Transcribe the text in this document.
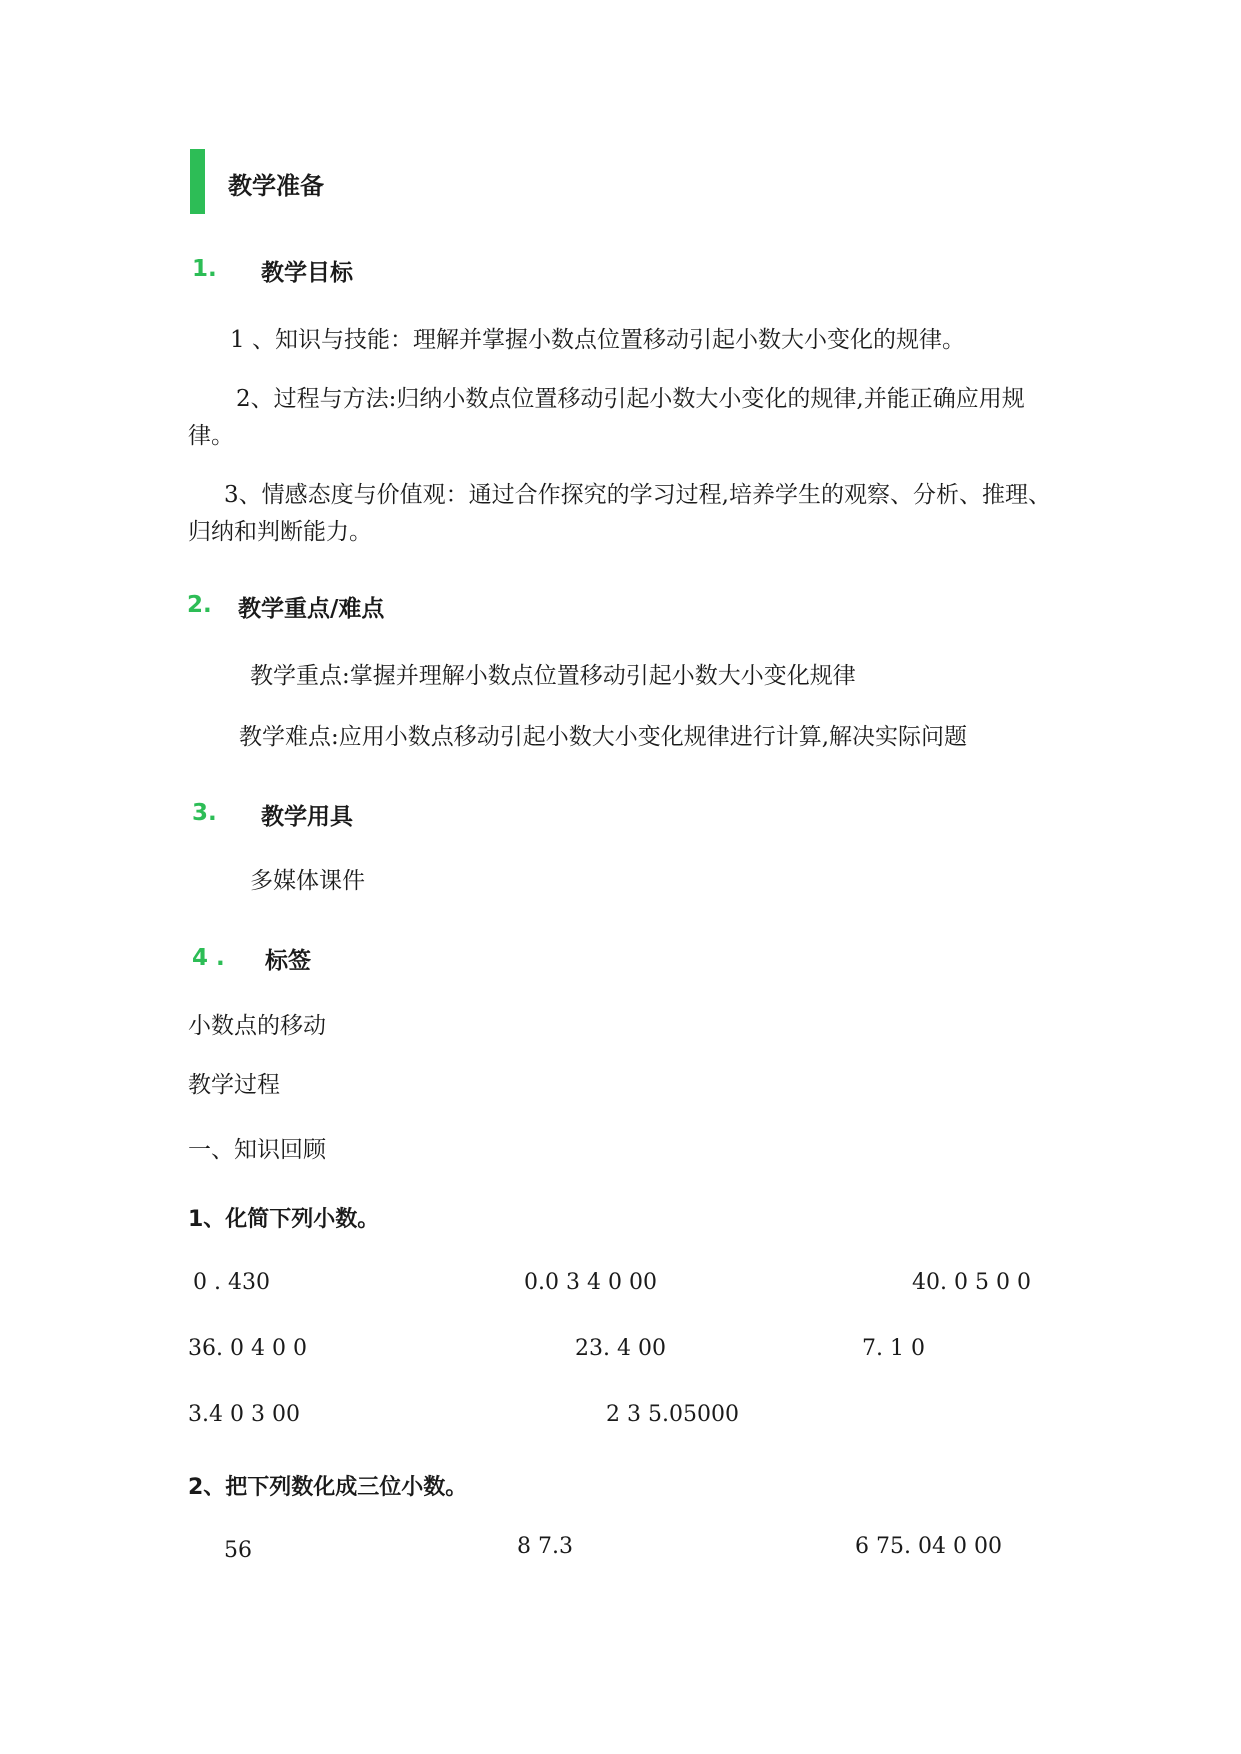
教学准备
1. 教学目标
1 、知识与技能：理解并掌握小数点位置移动引起小数大小变化的规律。
2、过程与方法:归纳小数点位置移动引起小数大小变化的规律,并能正确应用规律。
3、情感态度与价值观：通过合作探究的学习过程,培养学生的观察、分析、推理、归纳和判断能力。
2. 教学重点/难点
教学重点:掌握并理解小数点位置移动引起小数大小变化规律
教学难点:应用小数点移动引起小数大小变化规律进行计算,解决实际问题
3. 教学用具
多媒体课件
4 . 标签
小数点的移动
教学过程
一、知识回顾
1、化简下列小数。
0 . 430	0.0 3 4 0 00	40. 0 5 0 0
36. 0 4 0 0	23. 4 00	7. 1 0
3.4 0 3 00	2 3 5.05000
2、把下列数化成三位小数。
56	8 7.3	6 75. 04 0 00
